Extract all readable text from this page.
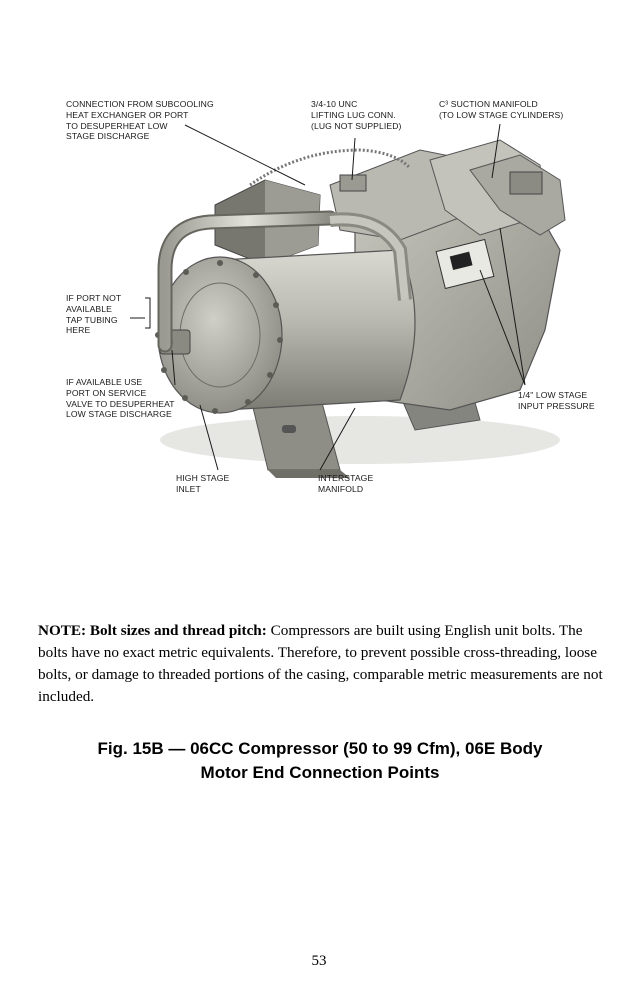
CONNECTION FROM SUBCOOLING
HEAT EXCHANGER OR PORT
TO DESUPERHEAT LOW
STAGE DISCHARGE
3/4-10 UNC
LIFTING LUG CONN.
(LUG NOT SUPPLIED)
C³ SUCTION MANIFOLD
(TO LOW STAGE CYLINDERS)
IF PORT NOT
AVAILABLE
TAP TUBING
HERE
IF AVAILABLE USE
PORT ON SERVICE
VALVE TO DESUPERHEAT
LOW STAGE DISCHARGE
1/4" LOW STAGE
INPUT PRESSURE
HIGH STAGE
INLET
INTERSTAGE
MANIFOLD
NOTE: Bolt sizes and thread pitch: Compressors are built using English unit bolts. The bolts have no exact metric equivalents. Therefore, to prevent possible cross-threading, loose bolts, or damage to threaded portions of the casing, comparable metric measurements are not included.
Fig. 15B — 06CC Compressor (50 to 99 Cfm), 06E Body
Motor End Connection Points
53
